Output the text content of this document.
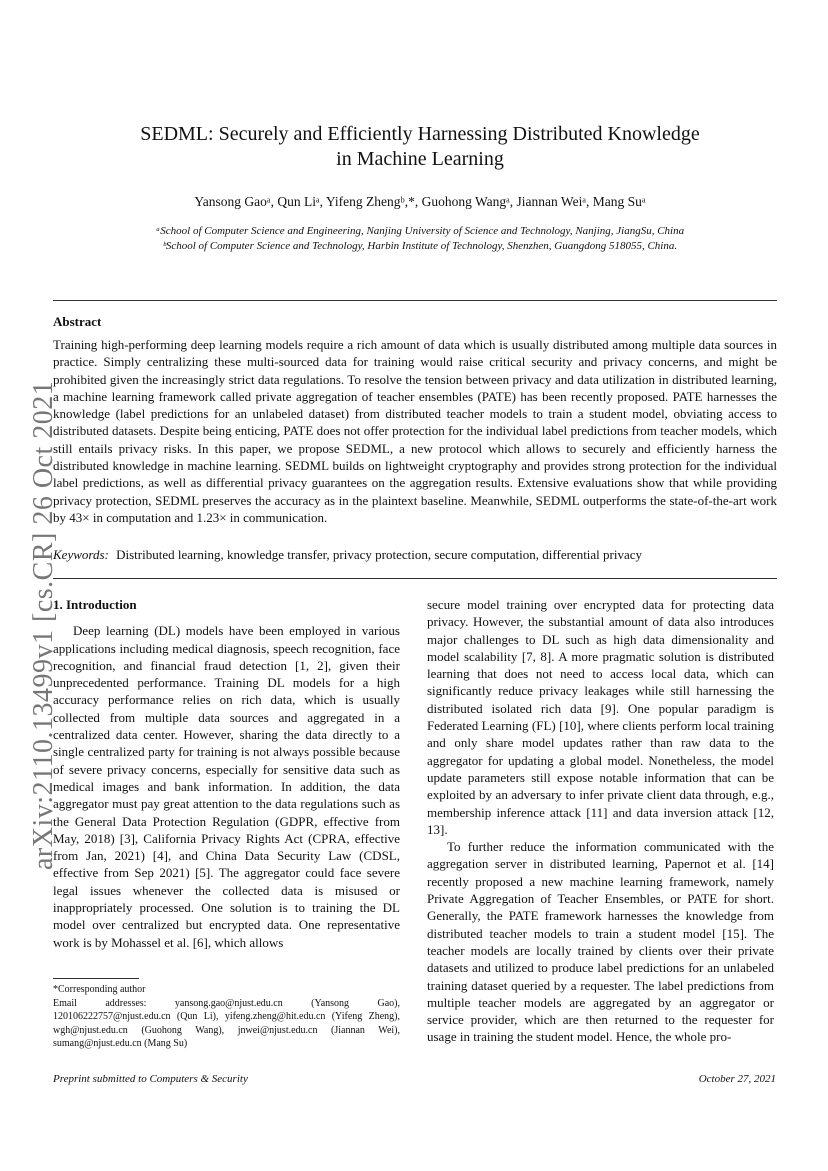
arXiv:2110.13499v1 [cs.CR] 26 Oct 2021
SEDML: Securely and Efficiently Harnessing Distributed Knowledge
in Machine Learning
Yansong Gaoᵃ, Qun Liᵃ, Yifeng Zhengᵇ,*, Guohong Wangᵃ, Jiannan Weiᵃ, Mang Suᵃ
ᵃSchool of Computer Science and Engineering, Nanjing University of Science and Technology, Nanjing, JiangSu, China
ᵇSchool of Computer Science and Technology, Harbin Institute of Technology, Shenzhen, Guangdong 518055, China.
Abstract
Training high-performing deep learning models require a rich amount of data which is usually distributed among multiple data sources in practice. Simply centralizing these multi-sourced data for training would raise critical security and privacy concerns, and might be prohibited given the increasingly strict data regulations. To resolve the tension between privacy and data utilization in distributed learning, a machine learning framework called private aggregation of teacher ensembles (PATE) has been recently proposed. PATE harnesses the knowledge (label predictions for an unlabeled dataset) from distributed teacher models to train a student model, obviating access to distributed datasets. Despite being enticing, PATE does not offer protection for the individual label predictions from teacher models, which still entails privacy risks. In this paper, we propose SEDML, a new protocol which allows to securely and efficiently harness the distributed knowledge in machine learning. SEDML builds on lightweight cryptography and provides strong protection for the individual label predictions, as well as differential privacy guarantees on the aggregation results. Extensive evaluations show that while providing privacy protection, SEDML preserves the accuracy as in the plaintext baseline. Meanwhile, SEDML outperforms the state-of-the-art work by 43× in computation and 1.23× in communication.
Keywords: Distributed learning, knowledge transfer, privacy protection, secure computation, differential privacy
1. Introduction

Deep learning (DL) models have been employed in various applications including medical diagnosis, speech recognition, face recognition, and financial fraud detection [1, 2], given their unprecedented performance. Training DL models for a high accuracy performance relies on rich data, which is usually collected from multiple data sources and aggregated in a centralized data center. However, sharing the data directly to a single centralized party for training is not always possible because of severe privacy concerns, especially for sensitive data such as medical images and bank information. In addition, the data aggregator must pay great attention to the data regulations such as the General Data Protection Regulation (GDPR, effective from May, 2018) [3], California Privacy Rights Act (CPRA, effective from Jan, 2021) [4], and China Data Security Law (CDSL, effective from Sep 2021) [5]. The aggregator could face severe legal issues whenever the collected data is misused or inappropriately processed. One solution is to training the DL model over centralized but encrypted data. One representative work is by Mohassel et al. [6], which allows

secure model training over encrypted data for protecting data privacy. However, the substantial amount of data also introduces major challenges to DL such as high data dimensionality and model scalability [7, 8]. A more pragmatic solution is distributed learning that does not need to access local data, which can significantly reduce privacy leakages while still harnessing the distributed isolated rich data [9]. One popular paradigm is Federated Learning (FL) [10], where clients perform local training and only share model updates rather than raw data to the aggregator for updating a global model. Nonetheless, the model update parameters still expose notable information that can be exploited by an adversary to infer private client data through, e.g., membership inference attack [11] and data inversion attack [12, 13].

To further reduce the information communicated with the aggregation server in distributed learning, Papernot et al. [14] recently proposed a new machine learning framework, namely Private Aggregation of Teacher Ensembles, or PATE for short. Generally, the PATE framework harnesses the knowledge from distributed teacher models to train a student model [15]. The teacher models are locally trained by clients over their private datasets and utilized to produce label predictions for an unlabeled training dataset queried by a requester. The label predictions from multiple teacher models are aggregated by an aggregator or service provider, which are then returned to the requester for usage in training the student model. Hence, the whole pro-

*Corresponding author

Email addresses: yansong.gao@njust.edu.cn (Yansong Gao), 120106222757@njust.edu.cn (Qun Li), yifeng.zheng@hit.edu.cn (Yifeng Zheng), wgh@njust.edu.cn (Guohong Wang), jnwei@njust.edu.cn (Jiannan Wei), sumang@njust.edu.cn (Mang Su)

Preprint submitted to Computers & Security	October 27, 2021
